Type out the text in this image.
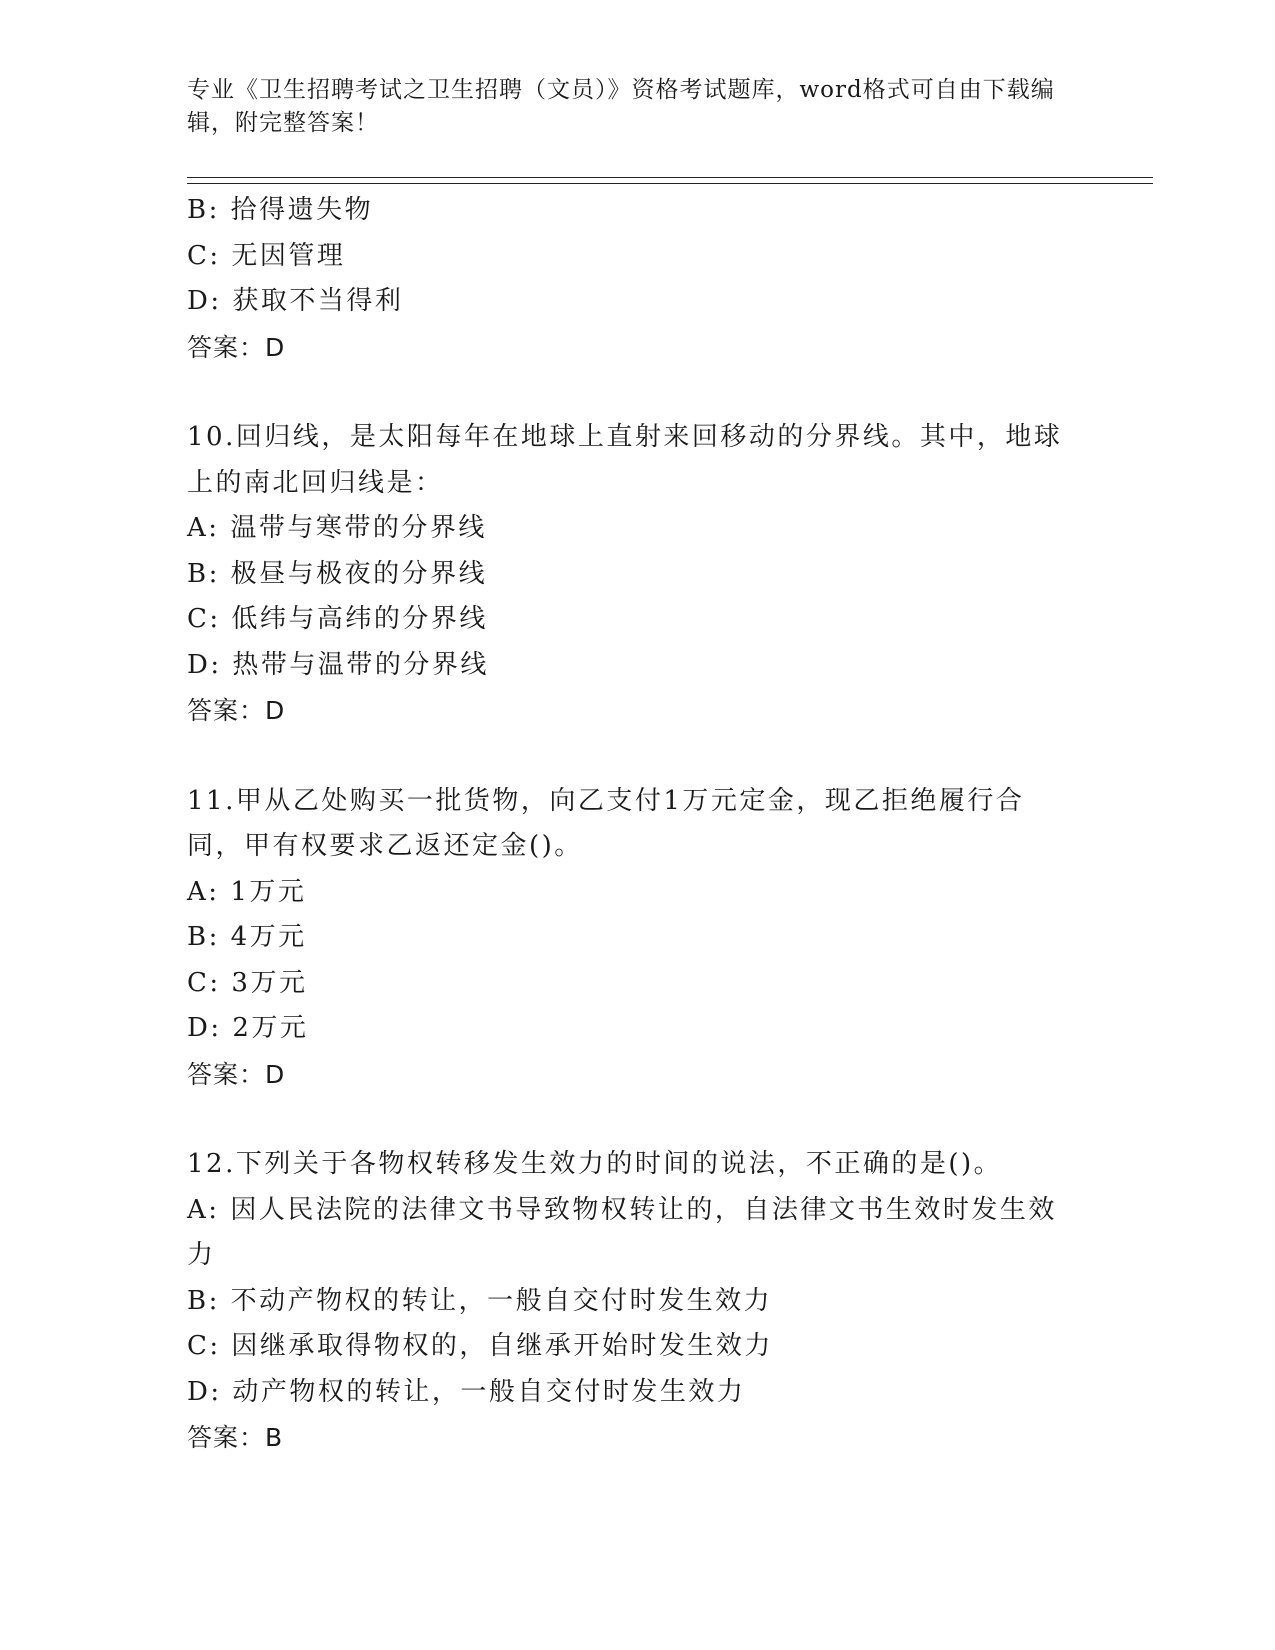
专业《卫生招聘考试之卫生招聘（文员）》资格考试题库，word格式可自由下载编辑，附完整答案！
B: 拾得遗失物
C: 无因管理
D: 获取不当得利
答案：D
10.回归线，是太阳每年在地球上直射来回移动的分界线。其中，地球上的南北回归线是：
A: 温带与寒带的分界线
B: 极昼与极夜的分界线
C: 低纬与高纬的分界线
D: 热带与温带的分界线
答案：D
11.甲从乙处购买一批货物，向乙支付1万元定金，现乙拒绝履行合同，甲有权要求乙返还定金()。
A: 1万元
B: 4万元
C: 3万元
D: 2万元
答案：D
12.下列关于各物权转移发生效力的时间的说法，不正确的是()。
A: 因人民法院的法律文书导致物权转让的，自法律文书生效时发生效力
B: 不动产物权的转让，一般自交付时发生效力
C: 因继承取得物权的，自继承开始时发生效力
D: 动产物权的转让，一般自交付时发生效力
答案：B
